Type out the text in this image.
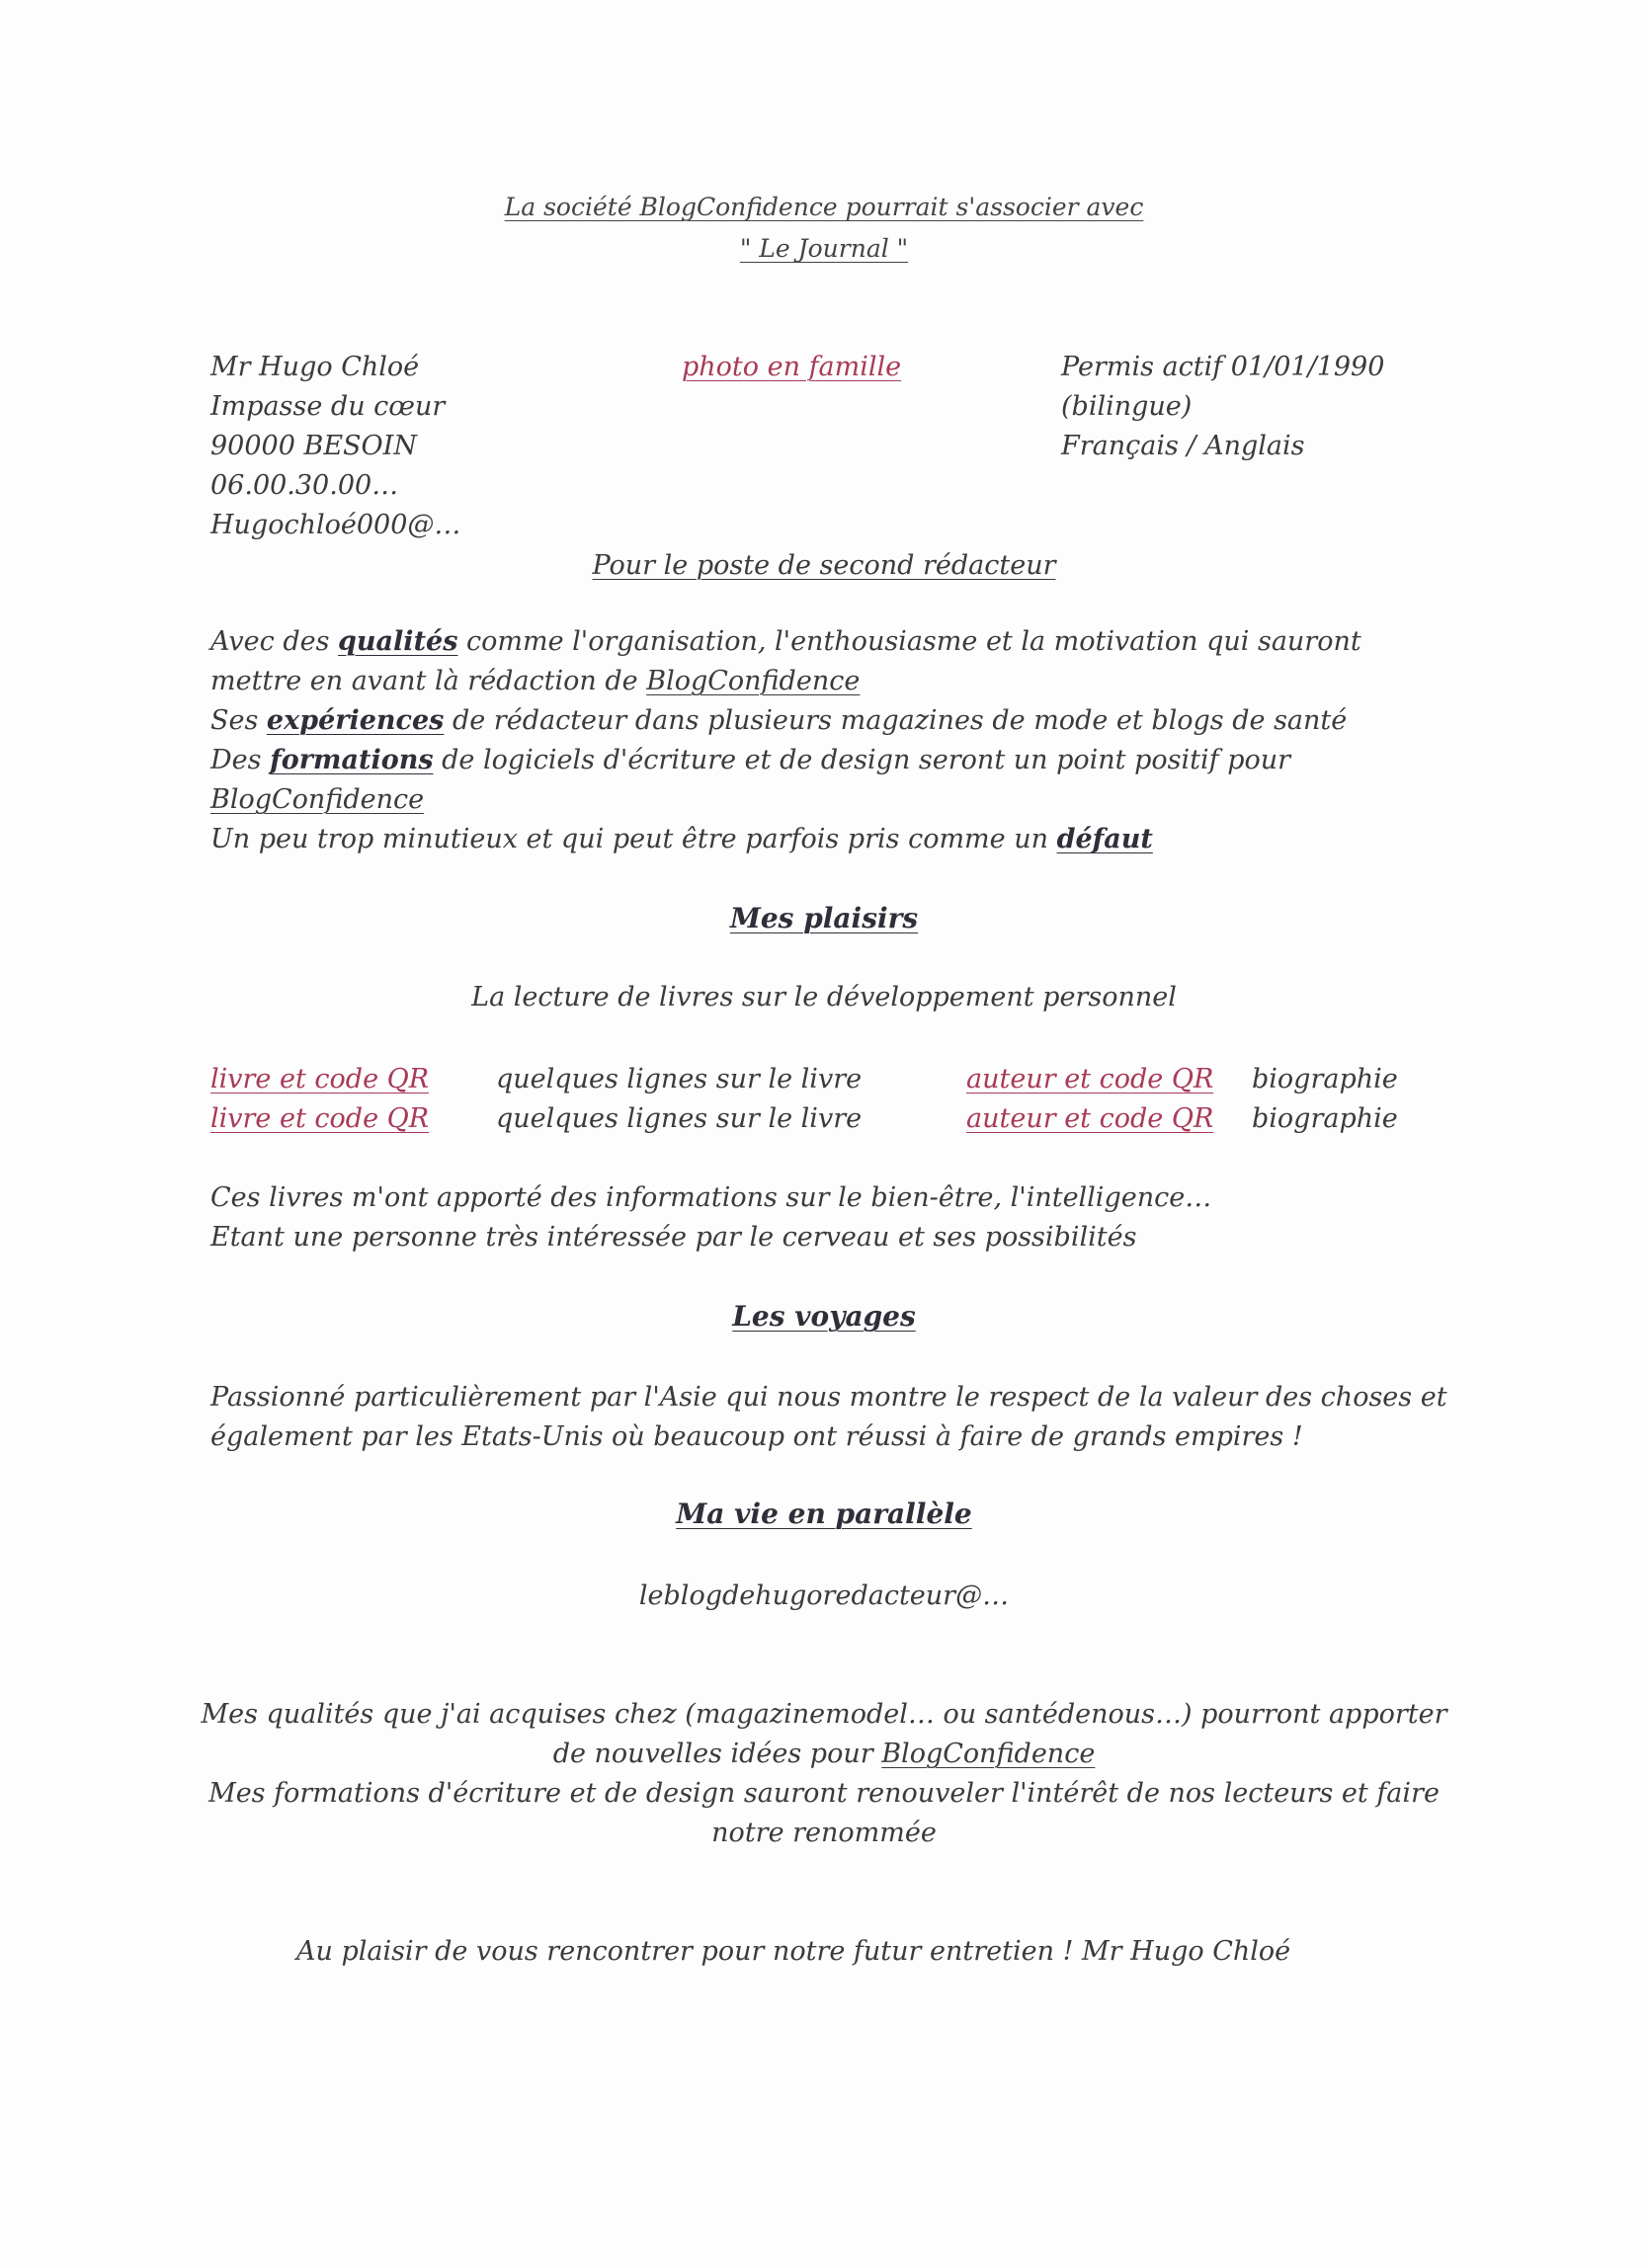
La société BlogConfidence pourrait s'associer avec
" Le Journal "
Mr Hugo Chloé
Impasse du cœur
90000 BESOIN
06.00.30.00…
Hugochloé000@…
photo en famille	Permis actif 01/01/1990
(bilingue)
Français / Anglais
Pour le poste de second rédacteur
Avec des qualités comme l'organisation, l'enthousiasme et la motivation qui sauront
mettre en avant là rédaction de BlogConfidence
Ses expériences de rédacteur dans plusieurs magazines de mode et blogs de santé
Des formations de logiciels d'écriture et de design seront un point positif pour
BlogConfidence
Un peu trop minutieux et qui peut être parfois pris comme un défaut
Mes plaisirs
La lecture de livres sur le développement personnel
livre et code QR	quelques lignes sur le livre	auteur et code QR biographie
livre et code QR	quelques lignes sur le livre	auteur et code QR biographie
Ces livres m'ont apporté des informations sur le bien-être, l'intelligence…
Etant une personne très intéressée par le cerveau et ses possibilités
Les voyages
Passionné particulièrement par l'Asie qui nous montre le respect de la valeur des choses et
également par les Etats-Unis où beaucoup ont réussi à faire de grands empires !
Ma vie en parallèle
leblogdehugoredacteur@…
Mes qualités que j'ai acquises chez (magazinemodel… ou santédenous…) pourront apporter
de nouvelles idées pour BlogConfidence
Mes formations d'écriture et de design sauront renouveler l'intérêt de nos lecteurs et faire
notre renommée
Au plaisir de vous rencontrer pour notre futur entretien ! Mr Hugo Chloé
